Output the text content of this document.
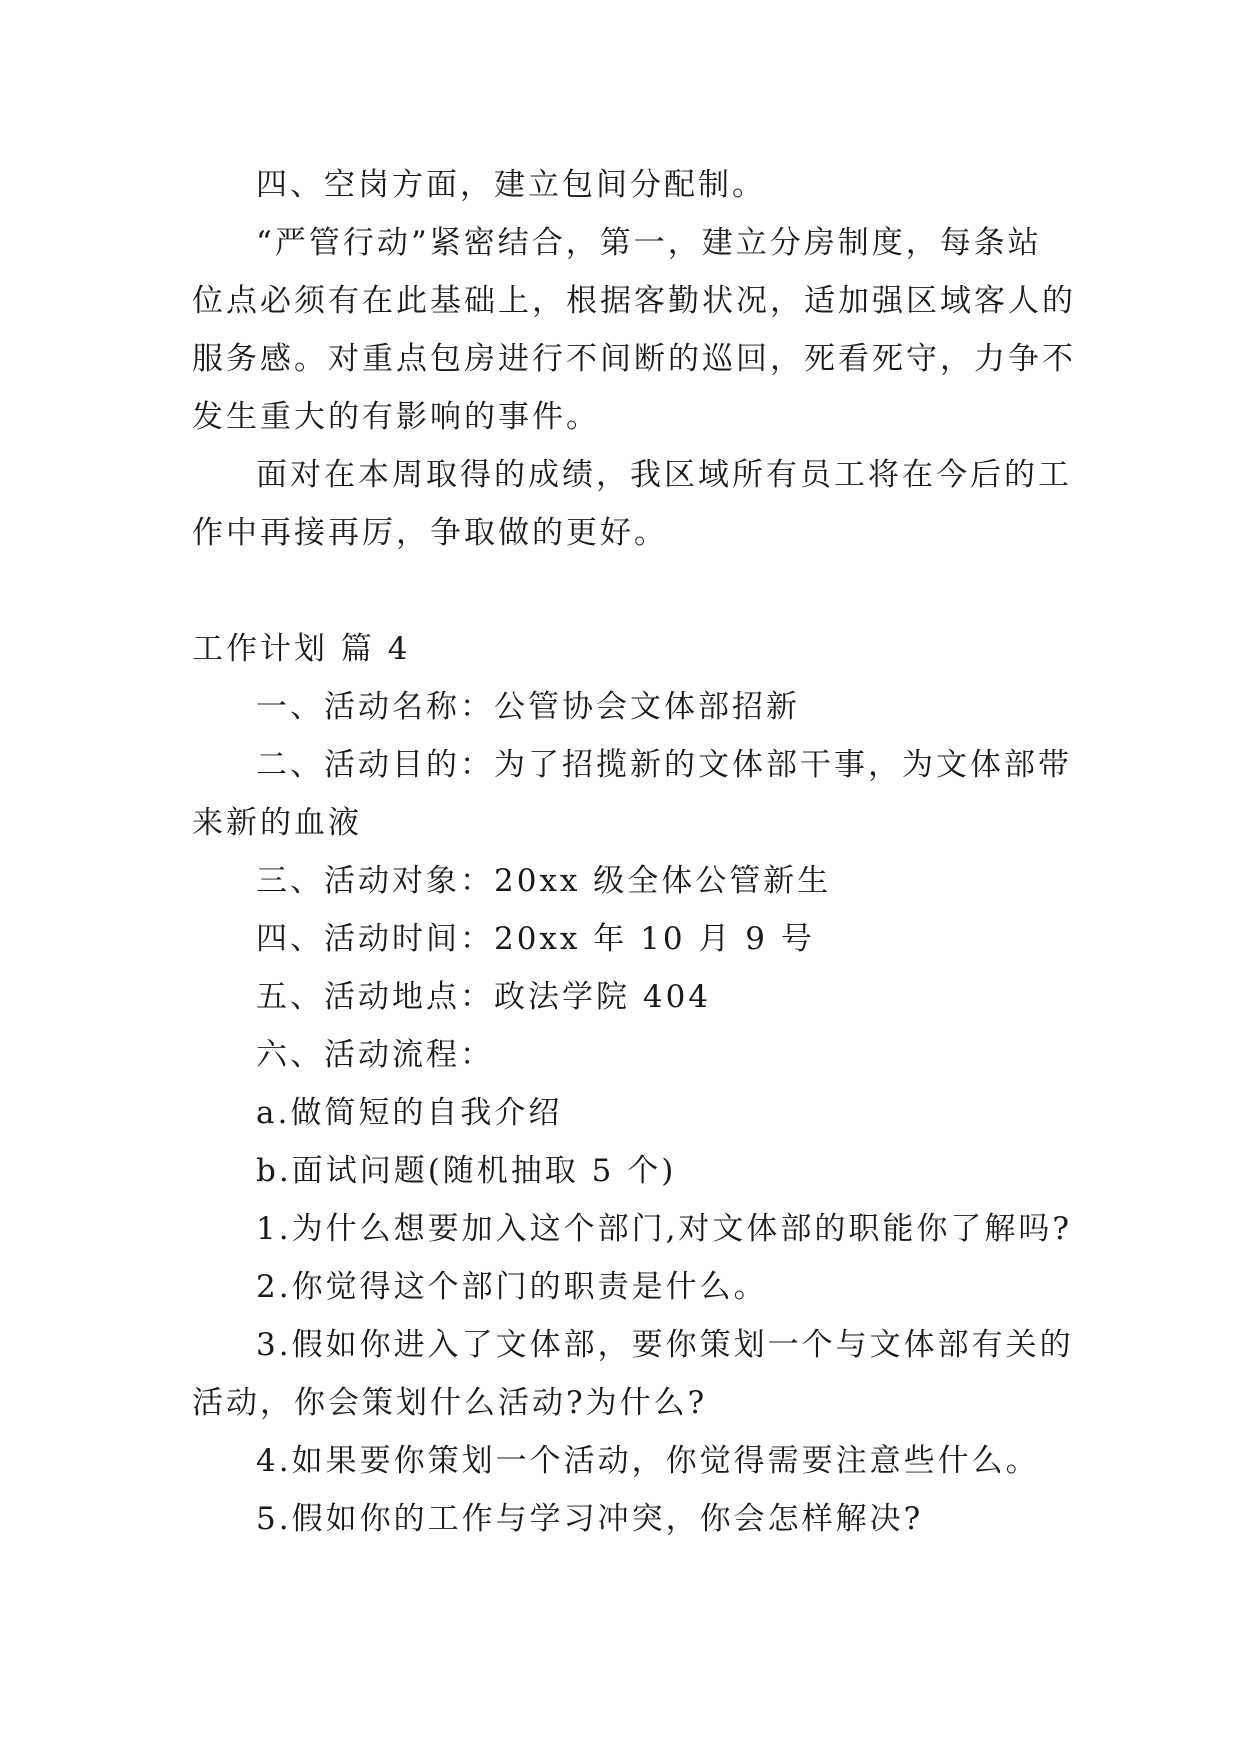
四、空岗方面，建立包间分配制。
“严管行动”紧密结合，第一，建立分房制度，每条站
位点必须有在此基础上，根据客勤状况，适加强区域客人的
服务感。对重点包房进行不间断的巡回，死看死守，力争不
发生重大的有影响的事件。
面对在本周取得的成绩，我区域所有员工将在今后的工
作中再接再厉，争取做的更好。
工作计划 篇 4
一、活动名称：公管协会文体部招新
二、活动目的：为了招揽新的文体部干事，为文体部带
来新的血液
三、活动对象：20xx 级全体公管新生
四、活动时间：20xx 年 10 月 9 号
五、活动地点：政法学院 404
六、活动流程：
a.做简短的自我介绍
b.面试问题(随机抽取 5 个)
1.为什么想要加入这个部门,对文体部的职能你了解吗?
2.你觉得这个部门的职责是什么。
3.假如你进入了文体部，要你策划一个与文体部有关的
活动，你会策划什么活动?为什么?
4.如果要你策划一个活动，你觉得需要注意些什么。
5.假如你的工作与学习冲突，你会怎样解决?
